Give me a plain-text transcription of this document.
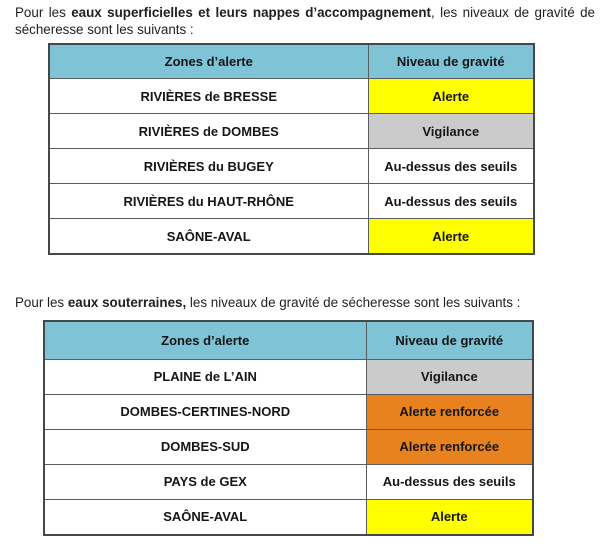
Pour les eaux superficielles et leurs nappes d’accompagnement, les niveaux de gravité de sécheresse sont les suivants :

Zones d’alerte	Niveau de gravité
RIVIÈRES de BRESSE	Alerte
RIVIÈRES de DOMBES	Vigilance
RIVIÈRES du BUGEY	Au-dessus des seuils
RIVIÈRES du HAUT-RHÔNE	Au-dessus des seuils
SAÔNE-AVAL	Alerte

Pour les eaux souterraines, les niveaux de gravité de sécheresse sont les suivants :

Zones d’alerte	Niveau de gravité
PLAINE de L’AIN	Vigilance
DOMBES-CERTINES-NORD	Alerte renforcée
DOMBES-SUD	Alerte renforcée
PAYS de GEX	Au-dessus des seuils
SAÔNE-AVAL	Alerte
